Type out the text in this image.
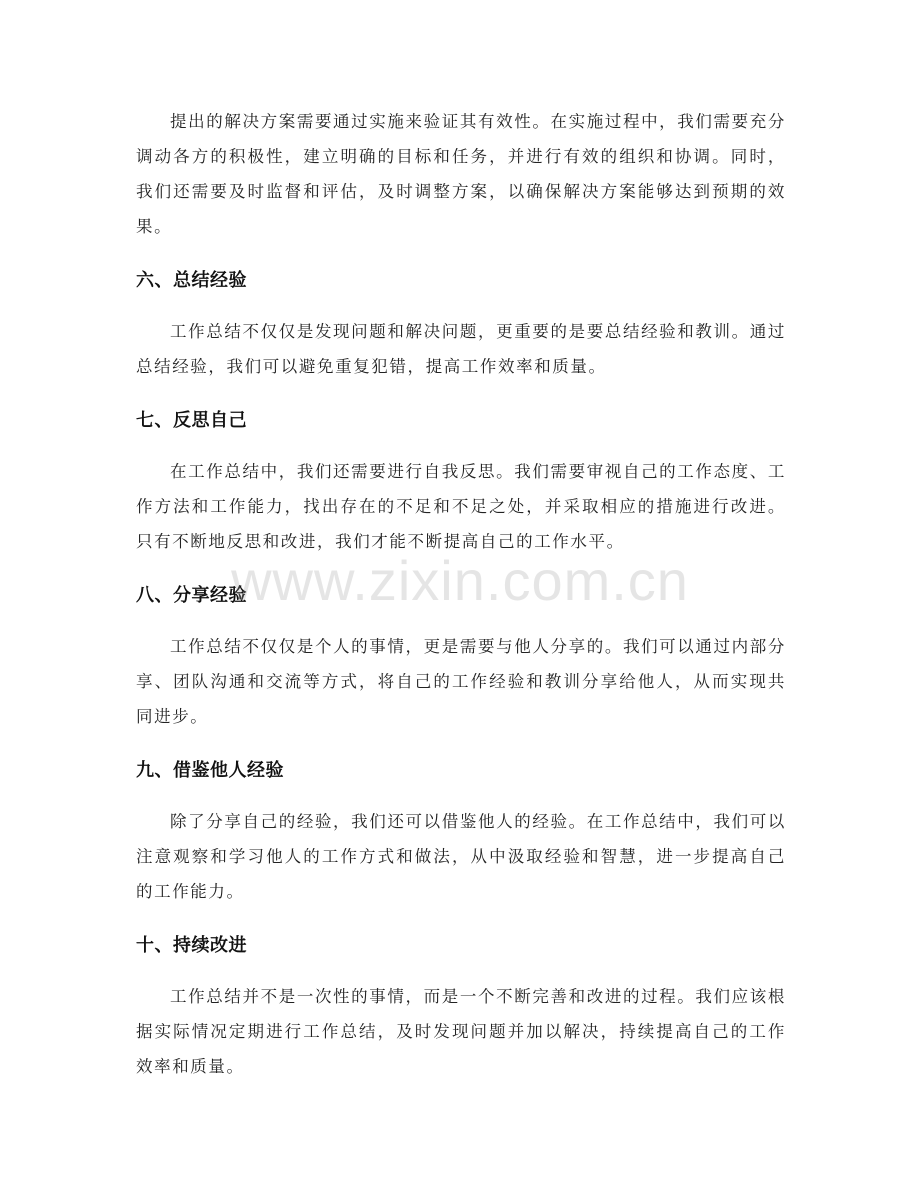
提出的解决方案需要通过实施来验证其有效性。在实施过程中，我们需要充分调动各方的积极性，建立明确的目标和任务，并进行有效的组织和协调。同时，我们还需要及时监督和评估，及时调整方案，以确保解决方案能够达到预期的效果。

六、总结经验

工作总结不仅仅是发现问题和解决问题，更重要的是要总结经验和教训。通过总结经验，我们可以避免重复犯错，提高工作效率和质量。

七、反思自己

在工作总结中，我们还需要进行自我反思。我们需要审视自己的工作态度、工作方法和工作能力，找出存在的不足和不足之处，并采取相应的措施进行改进。只有不断地反思和改进，我们才能不断提高自己的工作水平。

八、分享经验

工作总结不仅仅是个人的事情，更是需要与他人分享的。我们可以通过内部分享、团队沟通和交流等方式，将自己的工作经验和教训分享给他人，从而实现共同进步。

九、借鉴他人经验

除了分享自己的经验，我们还可以借鉴他人的经验。在工作总结中，我们可以注意观察和学习他人的工作方式和做法，从中汲取经验和智慧，进一步提高自己的工作能力。

十、持续改进

工作总结并不是一次性的事情，而是一个不断完善和改进的过程。我们应该根据实际情况定期进行工作总结，及时发现问题并加以解决，持续提高自己的工作效率和质量。

www.zixin.com.cn
